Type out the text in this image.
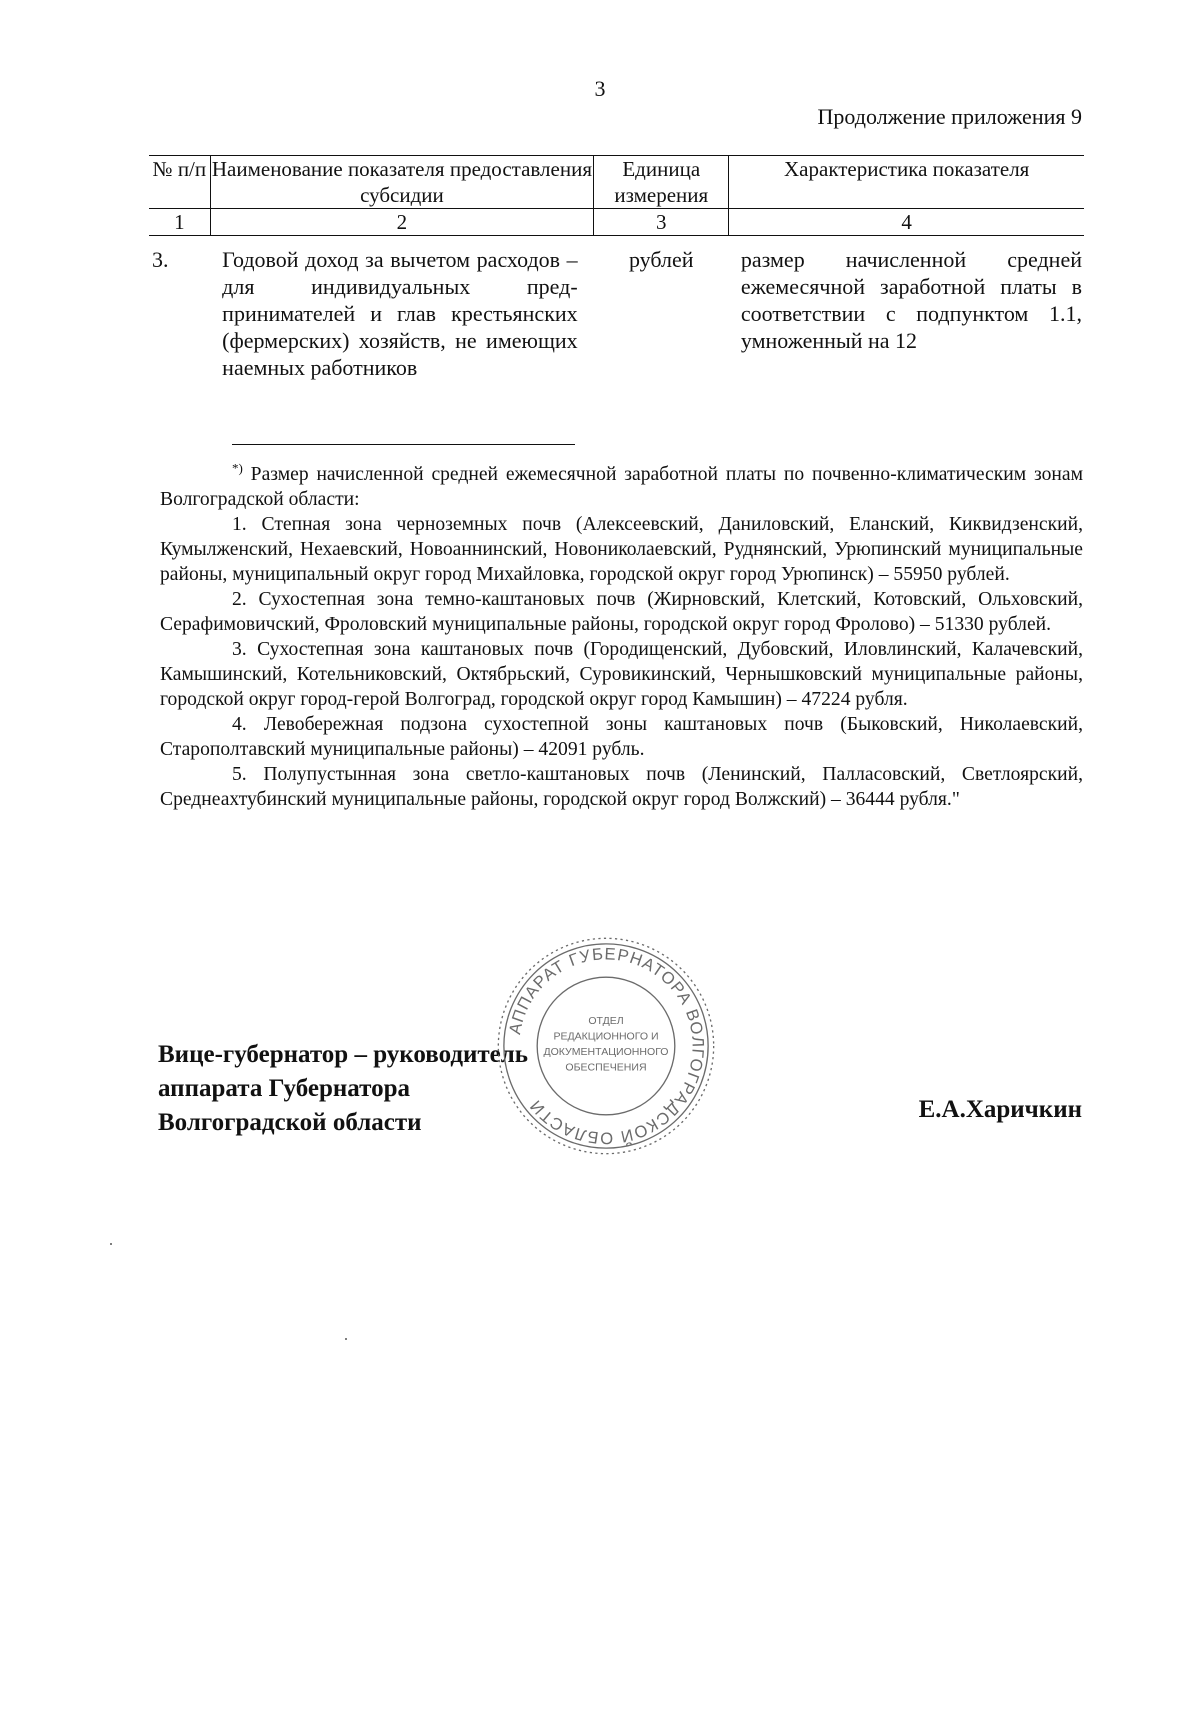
3
Продолжение приложения 9
№ п/п	Наименование показателя предоставления субсидии	Единица измерения	Характеристика показателя
1	2	3	4
3.	Годовой доход за вычетом расходов – для индивидуальных предпринимателей и глав крестьянских (фермерских) хозяйств, не имеющих наемных работников	рублей	размер начисленной средней ежемесячной заработной платы в соответствии с подпунктом 1.1, умноженный на 12

*) Размер начисленной средней ежемесячной заработной платы по почвенно-климатическим зонам Волгоградской области:

1. Степная зона черноземных почв (Алексеевский, Даниловский, Еланский, Киквидзенский, Кумылженский, Нехаевский, Новоаннинский, Новониколаевский, Руднянский, Урюпинский муниципальные районы, муниципальный округ город Михайловка, городской округ город Урюпинск) – 55950 рублей.

2. Сухостепная зона темно-каштановых почв (Жирновский, Клетский, Котовский, Ольховский, Серафимовичский, Фроловский муниципальные районы, городской округ город Фролово) – 51330 рублей.

3. Сухостепная зона каштановых почв (Городищенский, Дубовский, Иловлинский, Калачевский, Камышинский, Котельниковский, Октябрьский, Суровикинский, Чернышковский муниципальные районы, городской округ город-герой Волгоград, городской округ город Камышин) – 47224 рубля.

4. Левобережная подзона сухостепной зоны каштановых почв (Быковский, Николаевский, Старополтавский муниципальные районы) – 42091 рубль.

5. Полупустынная зона светло-каштановых почв (Ленинский, Палласовский, Светлоярский, Среднеахтубинский муниципальные районы, городской округ город Волжский) – 36444 рубля."

Вице-губернатор – руководитель
аппарата Губернатора
Волгоградской области	Е.А.Харичкин
АППАРАТ ГУБЕРНАТОРА ВОЛГОГРАДСКОЙ ОБЛАСТИ
ОТДЕЛ
РЕДАКЦИОННОГО И
ДОКУМЕНТАЦИОННОГО
ОБЕСПЕЧЕНИЯ
